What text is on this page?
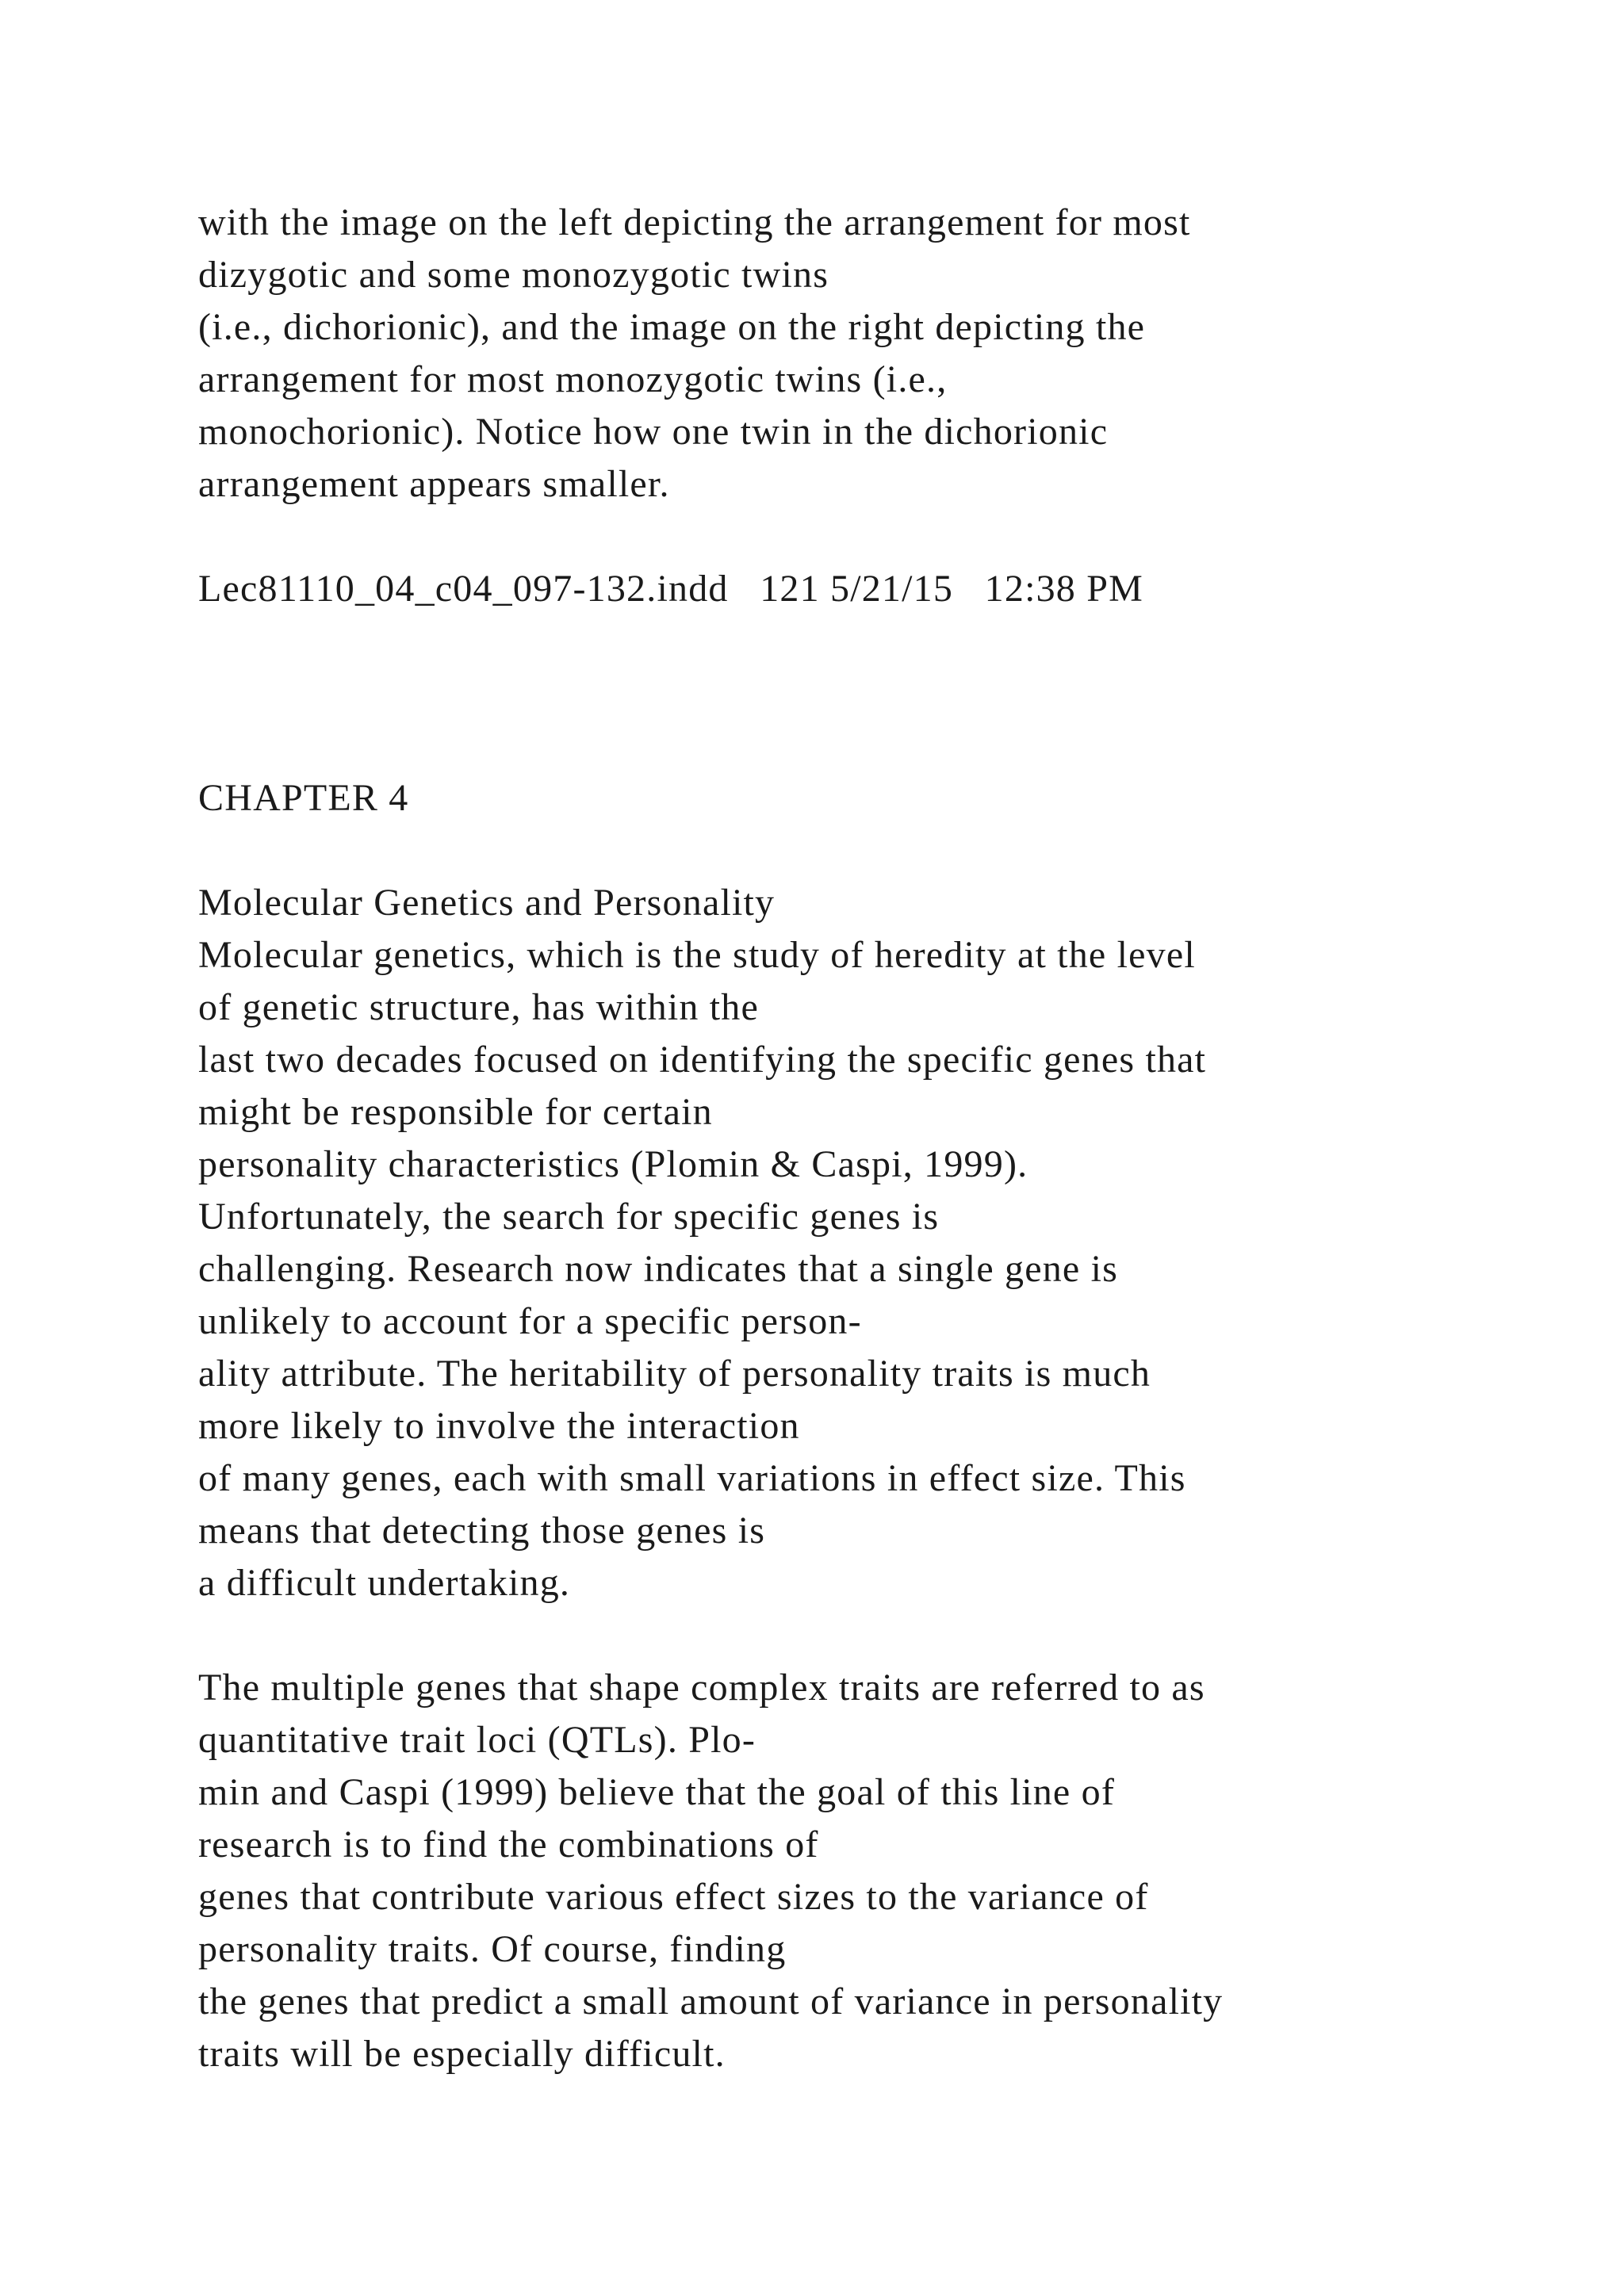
with the image on the left depicting the arrangement for most
dizygotic and some monozygotic twins
(i.e., dichorionic), and the image on the right depicting the
arrangement for most monozygotic twins (i.e.,
monochorionic). Notice how one twin in the dichorionic
arrangement appears smaller.
Lec81110_04_c04_097-132.indd   121 5/21/15   12:38 PM
CHAPTER 4
Molecular Genetics and Personality
Molecular genetics, which is the study of heredity at the level
of genetic structure, has within the
last two decades focused on identifying the specific genes that
might be responsible for certain
personality characteristics (Plomin & Caspi, 1999).
Unfortunately, the search for specific genes is
challenging. Research now indicates that a single gene is
unlikely to account for a specific person-
ality attribute. The heritability of personality traits is much
more likely to involve the interaction
of many genes, each with small variations in effect size. This
means that detecting those genes is
a difficult undertaking.
The multiple genes that shape complex traits are referred to as
quantitative trait loci (QTLs). Plo-
min and Caspi (1999) believe that the goal of this line of
research is to find the combinations of
genes that contribute various effect sizes to the variance of
personality traits. Of course, finding
the genes that predict a small amount of variance in personality
traits will be especially difficult.
